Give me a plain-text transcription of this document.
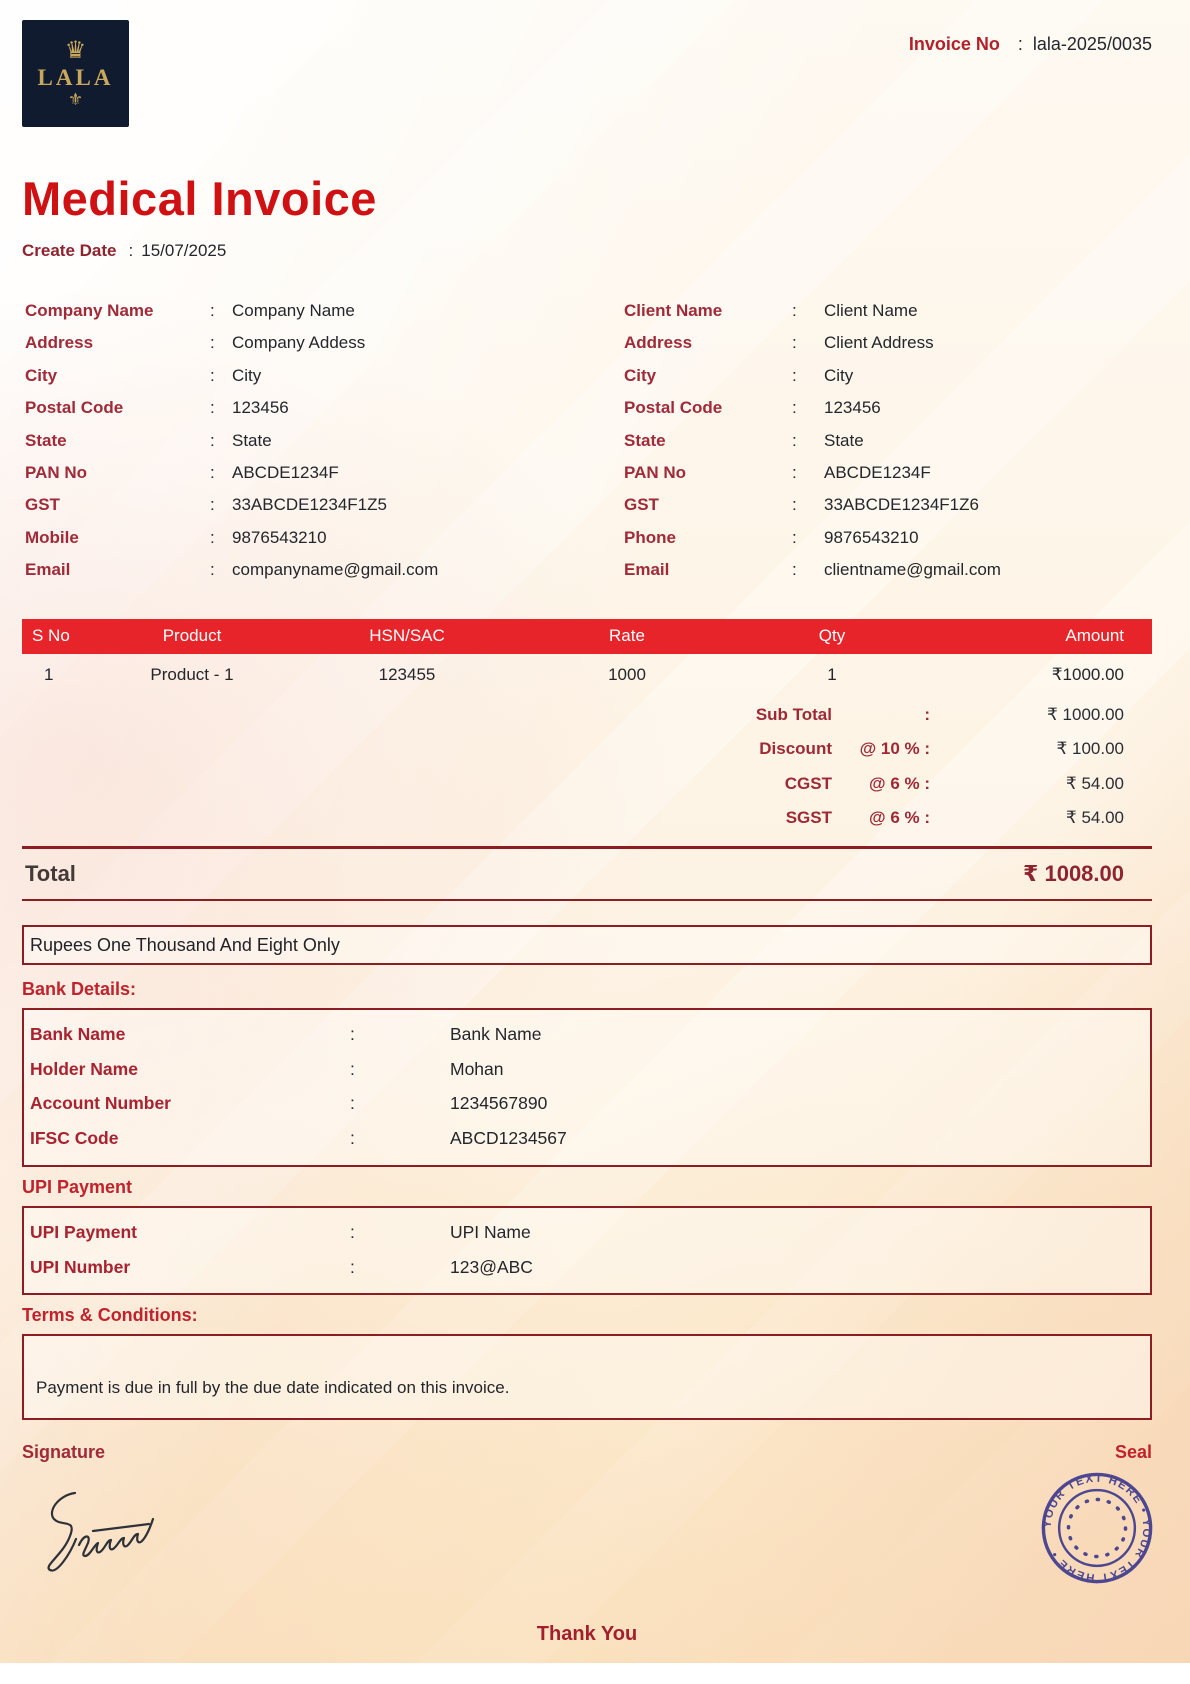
♛
LALA
⚜
Invoice No : lala-2025/0035
Medical Invoice
Create Date : 15/07/2025
Company Name	:	Company Name
Address	:	Company Addess
City	:	City
Postal Code	:	123456
State	:	State
PAN No	:	ABCDE1234F
GST	:	33ABCDE1234F1Z5
Mobile	:	9876543210
Email	:	companyname@gmail.com
Client Name	:	Client Name
Address	:	Client Address
City	:	City
Postal Code	:	123456
State	:	State
PAN No	:	ABCDE1234F
GST	:	33ABCDE1234F1Z6
Phone	:	9876543210
Email	:	clientname@gmail.com
S No	Product	HSN/SAC	Rate	Qty	Amount
1	Product - 1	123455	1000	1	₹1000.00
Sub Total	:	₹ 1000.00
Discount	@ 10 % :	₹ 100.00
CGST	@ 6 % :	₹ 54.00
SGST	@ 6 % :	₹ 54.00
Total	₹ 1008.00
Rupees One Thousand And Eight Only
Bank Details:
Bank Name	:	Bank Name
Holder Name	:	Mohan
Account Number	:	1234567890
IFSC Code	:	ABCD1234567
UPI Payment
UPI Payment	:	UPI Name
UPI Number	:	123@ABC
Terms & Conditions:

Payment is due in full by the due date indicated on this invoice.

Signature	Seal
YOUR TEXT HERE • YOUR TEXT HERE •
Thank You
